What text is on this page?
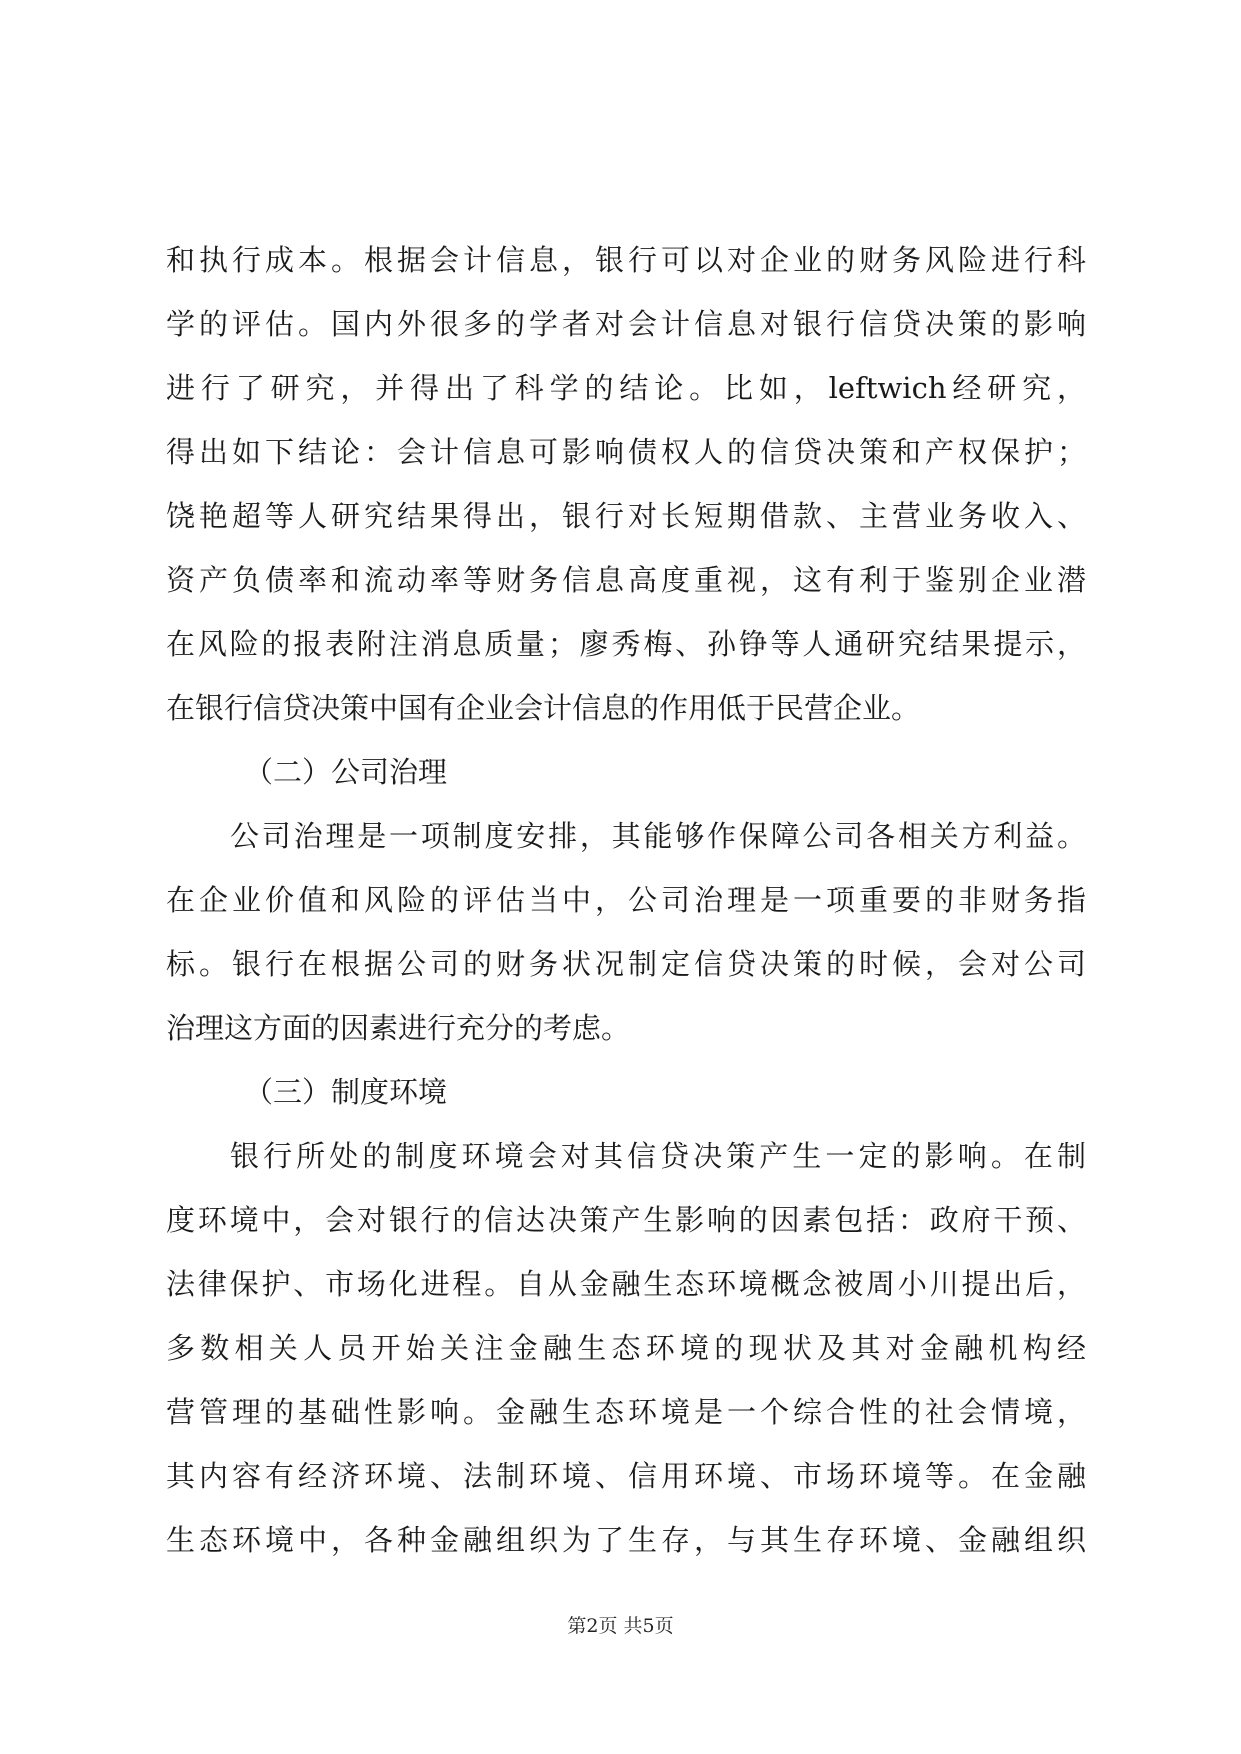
和执行成本。根据会计信息，银行可以对企业的财务风险进行科
学的评估。国内外很多的学者对会计信息对银行信贷决策的影响
进行了研究，并得出了科学的结论。比如，leftwich经研究，
得出如下结论：会计信息可影响债权人的信贷决策和产权保护；
饶艳超等人研究结果得出，银行对长短期借款、主营业务收入、
资产负债率和流动率等财务信息高度重视，这有利于鉴别企业潜
在风险的报表附注消息质量；廖秀梅、孙铮等人通研究结果提示，
在银行信贷决策中国有企业会计信息的作用低于民营企业。
（二）公司治理
公司治理是一项制度安排，其能够作保障公司各相关方利益。
在企业价值和风险的评估当中，公司治理是一项重要的非财务指
标。银行在根据公司的财务状况制定信贷决策的时候，会对公司
治理这方面的因素进行充分的考虑。
（三）制度环境
银行所处的制度环境会对其信贷决策产生一定的影响。在制
度环境中，会对银行的信达决策产生影响的因素包括：政府干预、
法律保护、市场化进程。自从金融生态环境概念被周小川提出后，
多数相关人员开始关注金融生态环境的现状及其对金融机构经
营管理的基础性影响。金融生态环境是一个综合性的社会情境，
其内容有经济环境、法制环境、信用环境、市场环境等。在金融
生态环境中，各种金融组织为了生存，与其生存环境、金融组织
第2页 共5页
